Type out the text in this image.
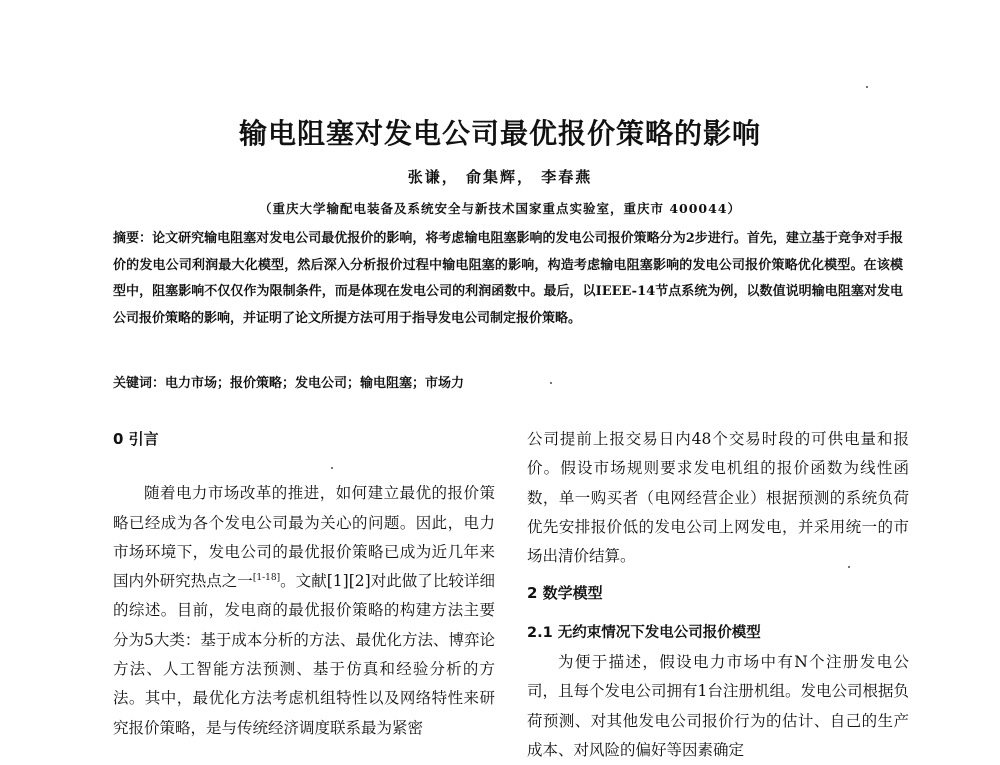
输电阻塞对发电公司最优报价策略的影响
张谦， 俞集辉， 李春燕
（重庆大学输配电装备及系统安全与新技术国家重点实验室，重庆市 400044）
摘要：论文研究输电阻塞对发电公司最优报价的影响，将考虑输电阻塞影响的发电公司报价策略分为2步进行。首先，建立基于竞争对手报价的发电公司利润最大化模型，然后深入分析报价过程中输电阻塞的影响，构造考虑输电阻塞影响的发电公司报价策略优化模型。在该模型中，阻塞影响不仅仅作为限制条件，而是体现在发电公司的利润函数中。最后，以IEEE-14节点系统为例，以数值说明输电阻塞对发电公司报价策略的影响，并证明了论文所提方法可用于指导发电公司制定报价策略。
关键词：电力市场；报价策略；发电公司；输电阻塞；市场力
0 引言

随着电力市场改革的推进，如何建立最优的报价策略已经成为各个发电公司最为关心的问题。因此，电力市场环境下，发电公司的最优报价策略已成为近几年来国内外研究热点之一[1-18]。文献[1][2]对此做了比较详细的综述。目前，发电商的最优报价策略的构建方法主要分为5大类：基于成本分析的方法、最优化方法、博弈论方法、人工智能方法预测、基于仿真和经验分析的方法。其中，最优化方法考虑机组特性以及网络特性来研究报价策略，是与传统经济调度联系最为紧密

公司提前上报交易日内48个交易时段的可供电量和报价。假设市场规则要求发电机组的报价函数为线性函数，单一购买者（电网经营企业）根据预测的系统负荷优先安排报价低的发电公司上网发电，并采用统一的市场出清价结算。

2 数学模型
2.1 无约束情况下发电公司报价模型

为便于描述，假设电力市场中有N个注册发电公司，且每个发电公司拥有1台注册机组。发电公司根据负荷预测、对其他发电公司报价行为的估计、自己的生产成本、对风险的偏好等因素确定
